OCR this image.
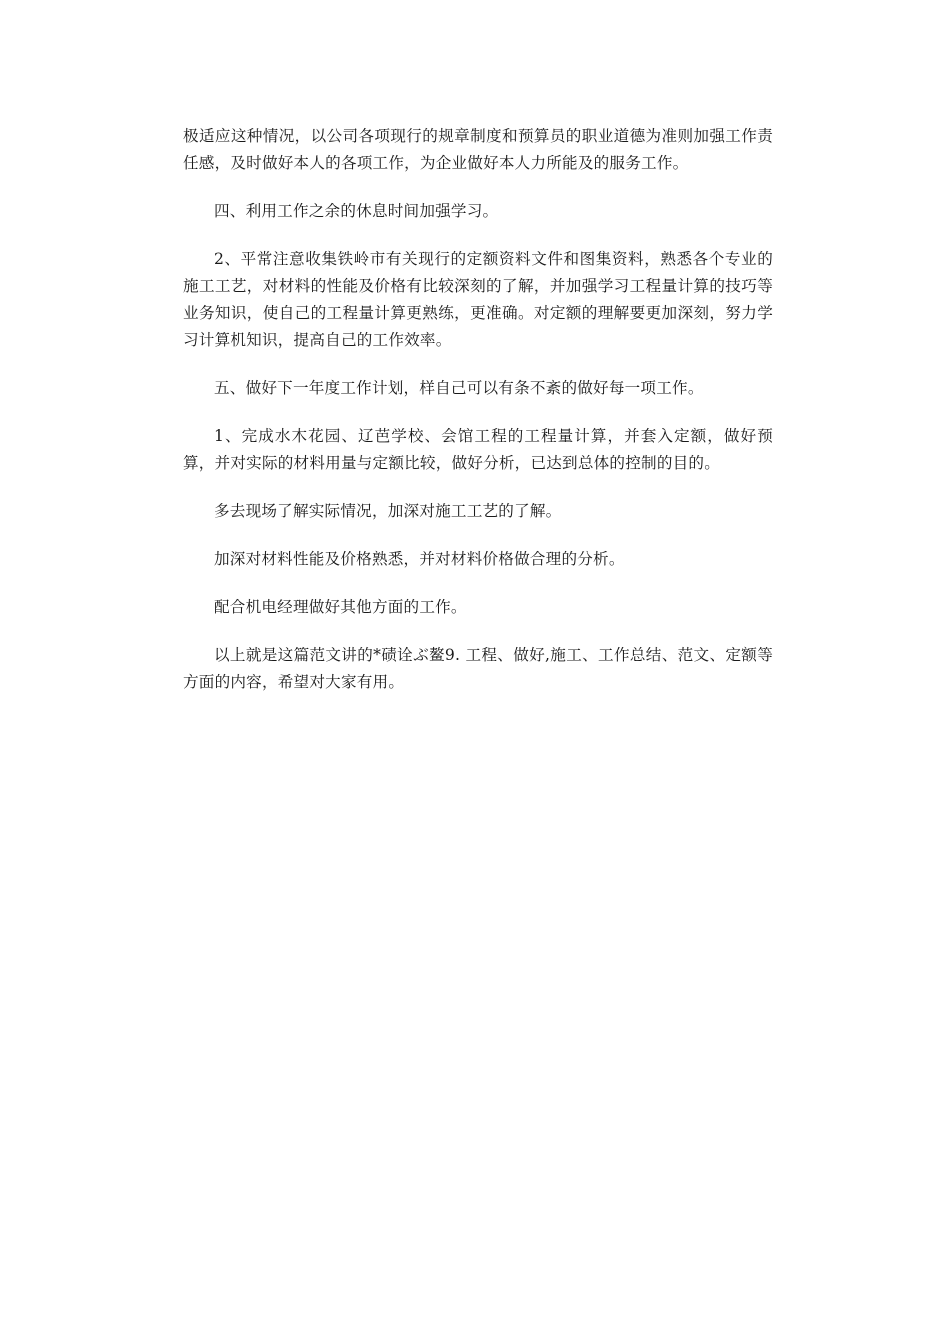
极适应这种情况，以公司各项现行的规章制度和预算员的职业道德为准则加强工作责任感，及时做好本人的各项工作，为企业做好本人力所能及的服务工作。

四、利用工作之余的休息时间加强学习。

2、平常注意收集铁岭市有关现行的定额资料文件和图集资料，熟悉各个专业的施工工艺，对材料的性能及价格有比较深刻的了解，并加强学习工程量计算的技巧等业务知识，使自己的工程量计算更熟练，更准确。对定额的理解要更加深刻，努力学习计算机知识，提高自己的工作效率。

五、做好下一年度工作计划，样自己可以有条不紊的做好每一项工作。

1、完成水木花园、辽芭学校、会馆工程的工程量计算，并套入定额，做好预算，并对实际的材料用量与定额比较，做好分析，已达到总体的控制的目的。

多去现场了解实际情况，加深对施工工艺的了解。

加深对材料性能及价格熟悉，并对材料价格做合理的分析。

配合机电经理做好其他方面的工作。

以上就是这篇范文讲的*碛诠ぶ鳌9. 工程、做好,施工、工作总结、范文、定额等方面的内容，希望对大家有用。
